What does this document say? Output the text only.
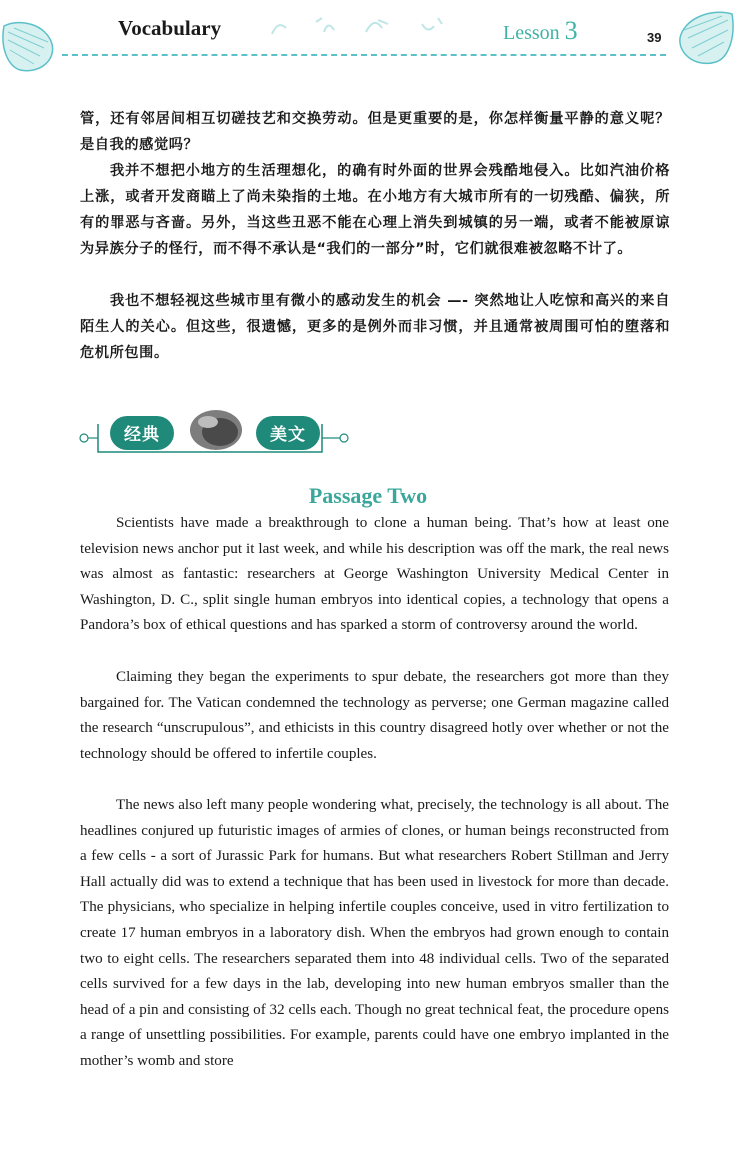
Vocabulary	Lesson 3	39

管，还有邻居间相互切磋技艺和交换劳动。但是更重要的是，你怎样衡量平静的意义呢？是自我的感觉吗？

我并不想把小地方的生活理想化，的确有时外面的世界会残酷地侵入。比如汽油价格上涨，或者开发商瞄上了尚未染指的土地。在小地方有大城市所有的一切残酷、偏狭，所有的罪恶与吝啬。另外，当这些丑恶不能在心理上消失到城镇的另一端，或者不能被原谅为异族分子的怪行，而不得不承认是“我们的一部分”时，它们就很难被忽略不计了。

我也不想轻视这些城市里有微小的感动发生的机会 —- 突然地让人吃惊和高兴的来自陌生人的关心。但这些，很遗憾，更多的是例外而非习惯，并且通常被周围可怕的堕落和危机所包围。

经典	美文
Passage Two

Scientists have made a breakthrough to clone a human being. That’s how at least one television news anchor put it last week, and while his description was off the mark, the real news was almost as fantastic: researchers at George Washington University Medical Center in Washington, D. C., split single human embryos into identical copies, a technology that opens a Pandora’s box of ethical questions and has sparked a storm of controversy around the world.

Claiming they began the experiments to spur debate, the researchers got more than they bargained for. The Vatican condemned the technology as perverse; one German magazine called the research “unscrupulous”, and ethicists in this country disagreed hotly over whether or not the technology should be offered to infertile couples.

The news also left many people wondering what, precisely, the technology is all about. The headlines conjured up futuristic images of armies of clones, or human beings reconstructed from a few cells - a sort of Jurassic Park for humans. But what researchers Robert Stillman and Jerry Hall actually did was to extend a technique that has been used in livestock for more than decade. The physicians, who specialize in helping infertile couples conceive, used in vitro fertilization to create 17 human embryos in a laboratory dish. When the embryos had grown enough to contain two to eight cells. The researchers separated them into 48 individual cells. Two of the separated cells survived for a few days in the lab, developing into new human embryos smaller than the head of a pin and consisting of 32 cells each. Though no great technical feat, the procedure opens a range of unsettling possibilities. For example, parents could have one embryo implanted in the mother’s womb and store
